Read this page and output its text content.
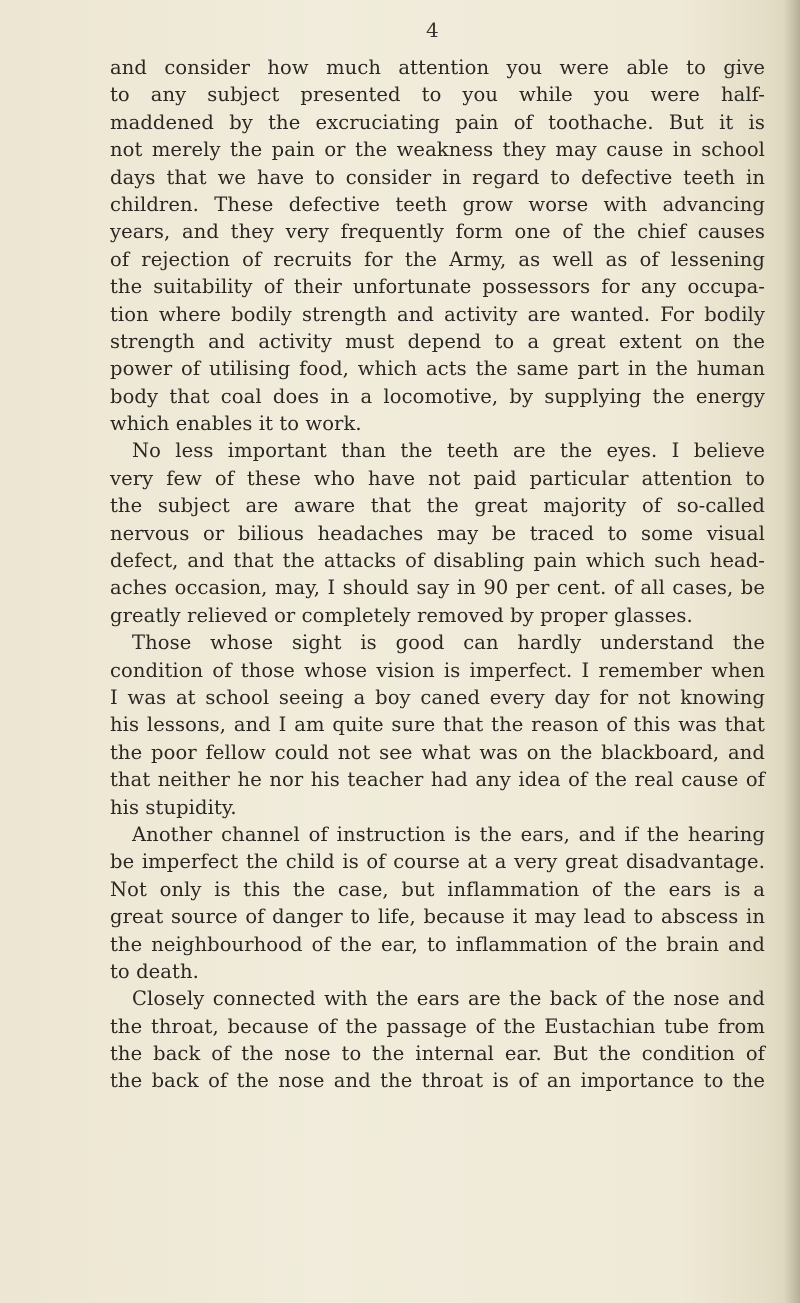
4
and consider how much attention you were able to give
to any subject presented to you while you were half-
maddened by the excruciating pain of toothache. But it is
not merely the pain or the weakness they may cause in school
days that we have to consider in regard to defective teeth in
children. These defective teeth grow worse with advancing
years, and they very frequently form one of the chief causes
of rejection of recruits for the Army, as well as of lessening
the suitability of their unfortunate possessors for any occupa-
tion where bodily strength and activity are wanted. For bodily
strength and activity must depend to a great extent on the
power of utilising food, which acts the same part in the human
body that coal does in a locomotive, by supplying the energy
which enables it to work.
No less important than the teeth are the eyes. I believe
very few of these who have not paid particular attention to
the subject are aware that the great majority of so-called
nervous or bilious headaches may be traced to some visual
defect, and that the attacks of disabling pain which such head-
aches occasion, may, I should say in 90 per cent. of all cases, be
greatly relieved or completely removed by proper glasses.
Those whose sight is good can hardly understand the
condition of those whose vision is imperfect. I remember when
I was at school seeing a boy caned every day for not knowing
his lessons, and I am quite sure that the reason of this was that
the poor fellow could not see what was on the blackboard, and
that neither he nor his teacher had any idea of the real cause of
his stupidity.
Another channel of instruction is the ears, and if the hearing
be imperfect the child is of course at a very great disadvantage.
Not only is this the case, but inflammation of the ears is a
great source of danger to life, because it may lead to abscess in
the neighbourhood of the ear, to inflammation of the brain and
to death.
Closely connected with the ears are the back of the nose and
the throat, because of the passage of the Eustachian tube from
the back of the nose to the internal ear. But the condition of
the back of the nose and the throat is of an importance to the
